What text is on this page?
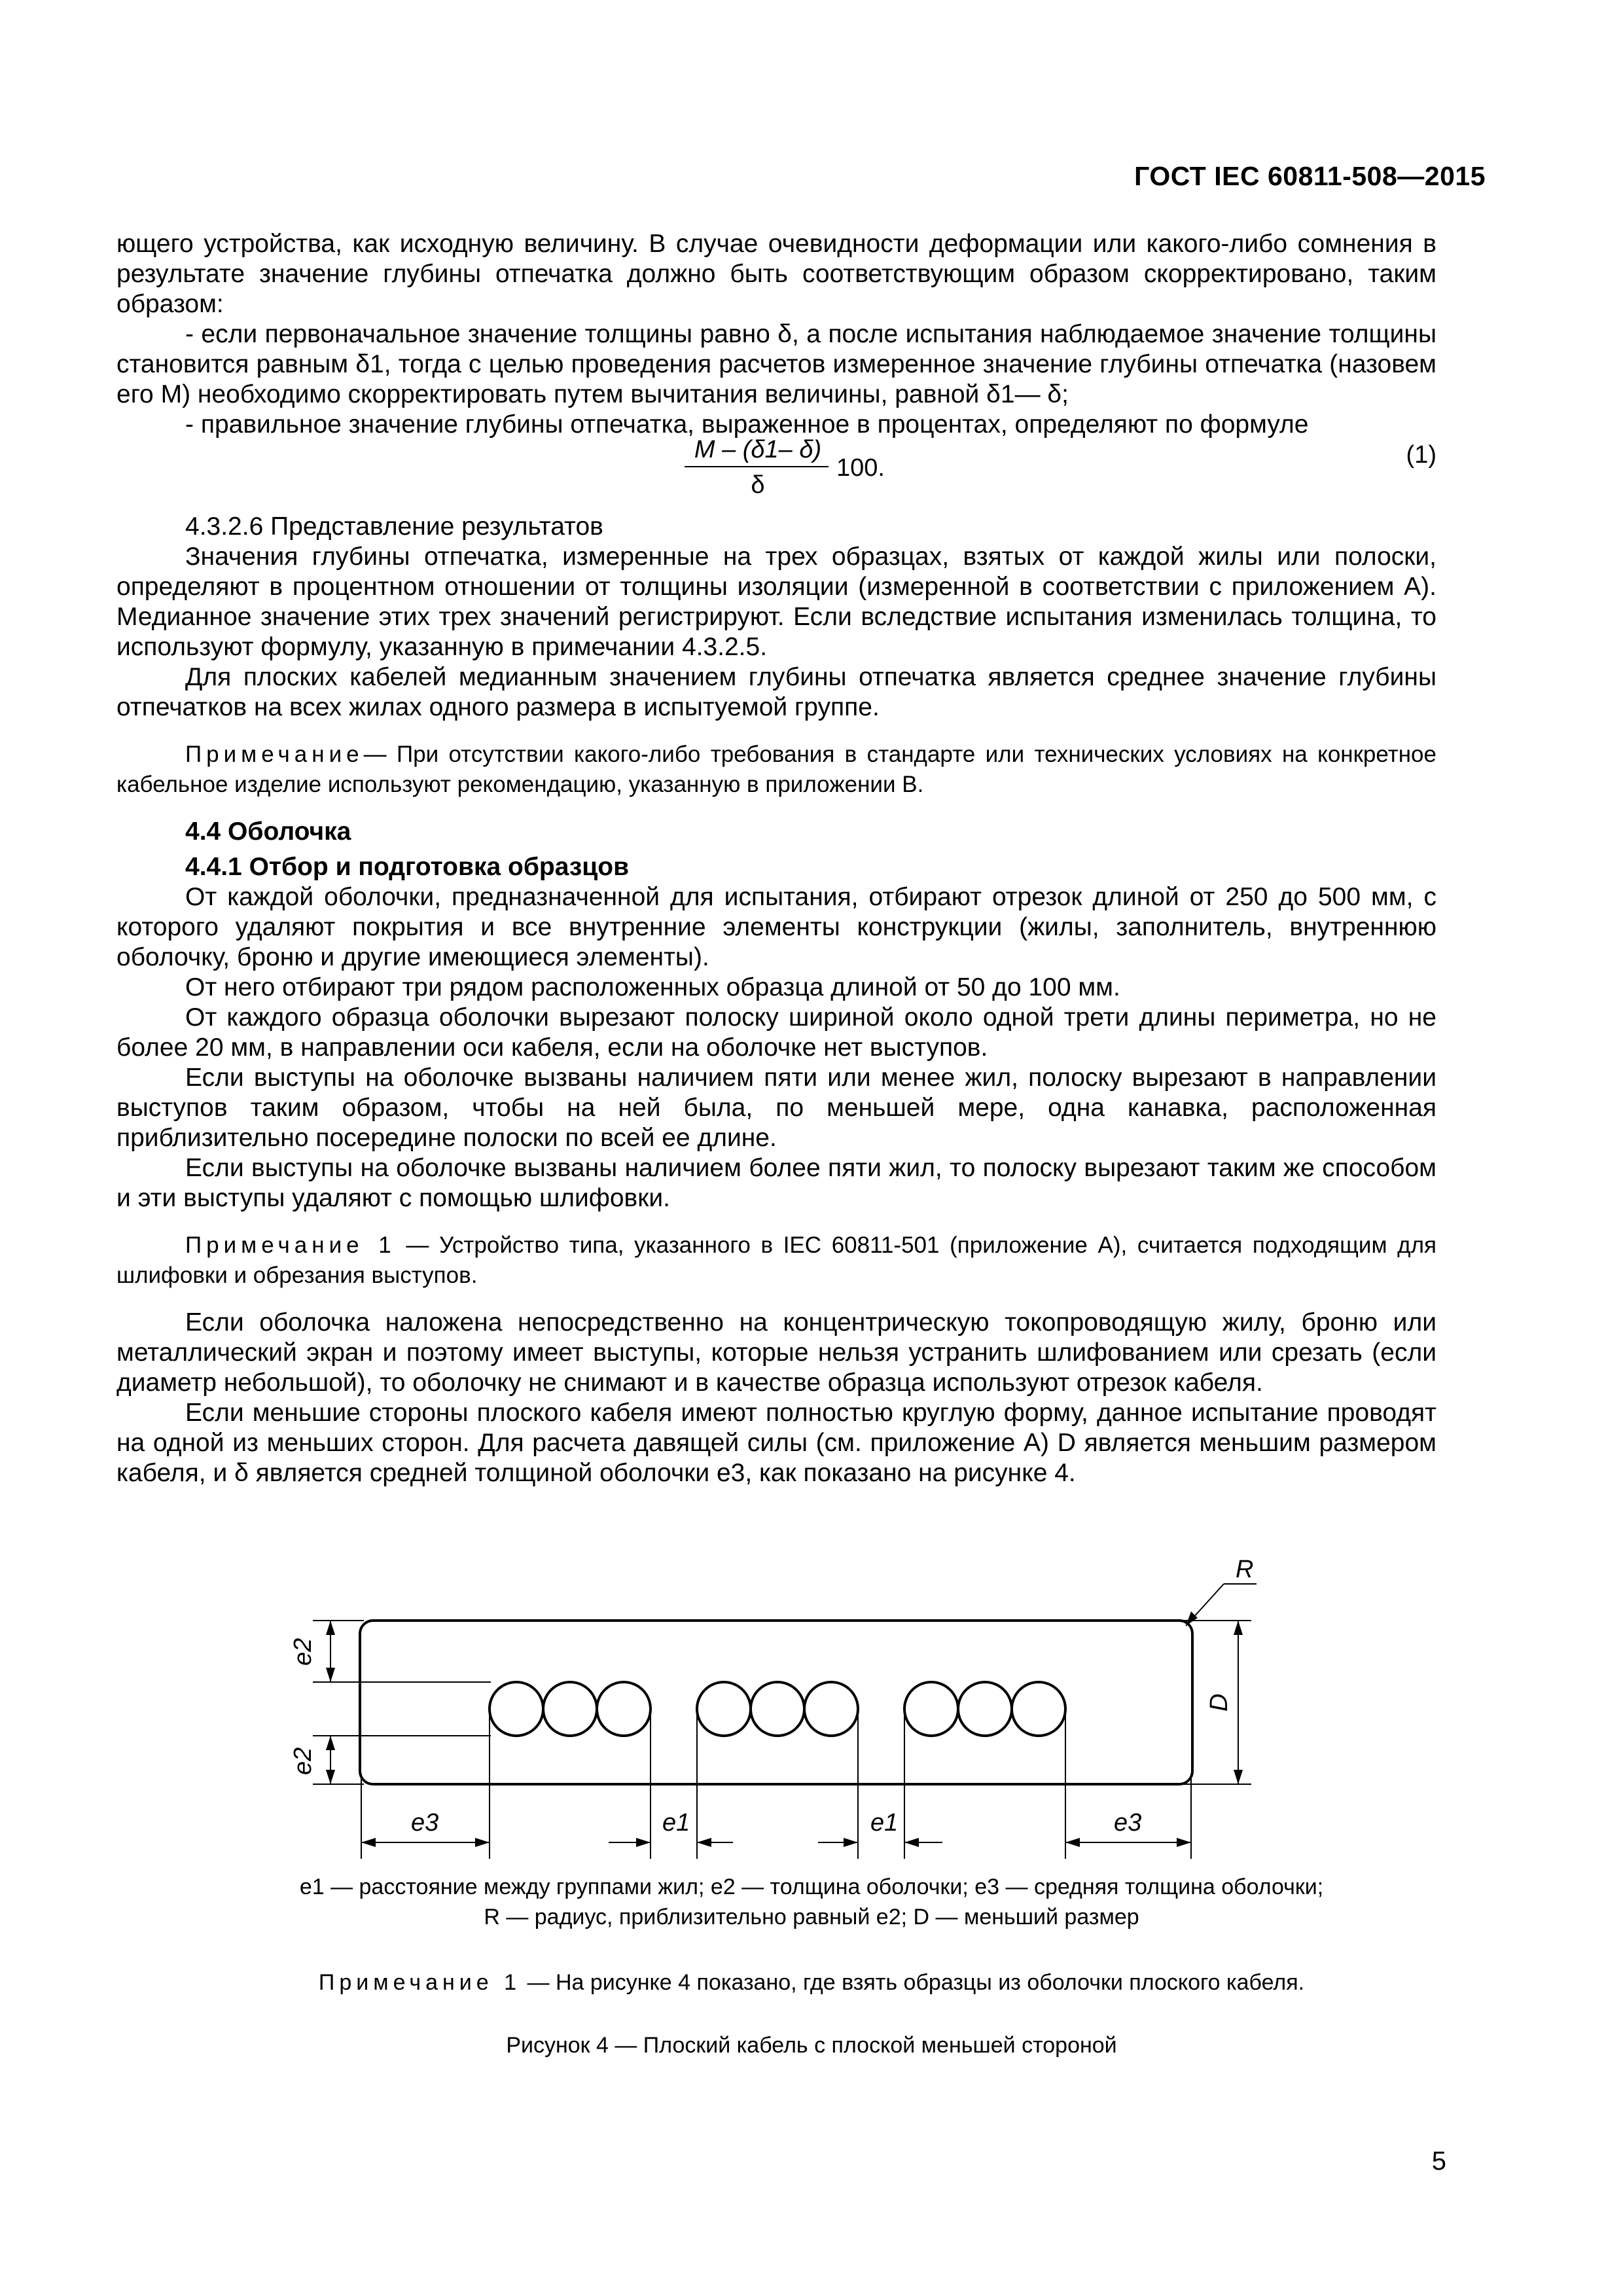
ГОСТ IEC 60811-508—2015

ющего устройства, как исходную величину. В случае очевидности деформации или какого-либо сомнения в результате значение глубины отпечатка должно быть соответствующим образом скорректировано, таким образом:

- если первоначальное значение толщины равно δ, а после испытания наблюдаемое значение толщины становится равным δ1, тогда с целью проведения расчетов измеренное значение глубины отпечатка (назовем его M) необходимо скорректировать путем вычитания величины, равной δ1— δ;

- правильное значение глубины отпечатка, выраженное в процентах, определяют по формуле

M – (δ1– δ)
δ
100.	(1)

4.3.2.6 Представление результатов

Значения глубины отпечатка, измеренные на трех образцах, взятых от каждой жилы или полоски, определяют в процентном отношении от толщины изоляции (измеренной в соответствии с приложением А). Медианное значение этих трех значений регистрируют. Если вследствие испытания изменилась толщина, то используют формулу, указанную в примечании 4.3.2.5.

Для плоских кабелей медианным значением глубины отпечатка является среднее значение глубины отпечатков на всех жилах одного размера в испытуемой группе.

Примечание— При отсутствии какого-либо требования в стандарте или технических условиях на конкретное кабельное изделие используют рекомендацию, указанную в приложении В.

4.4 Оболочка

4.4.1 Отбор и подготовка образцов

От каждой оболочки, предназначенной для испытания, отбирают отрезок длиной от 250 до 500 мм, с которого удаляют покрытия и все внутренние элементы конструкции (жилы, заполнитель, внутреннюю оболочку, броню и другие имеющиеся элементы).

От него отбирают три рядом расположенных образца длиной от 50 до 100 мм.

От каждого образца оболочки вырезают полоску шириной около одной трети длины периметра, но не более 20 мм, в направлении оси кабеля, если на оболочке нет выступов.

Если выступы на оболочке вызваны наличием пяти или менее жил, полоску вырезают в направлении выступов таким образом, чтобы на ней была, по меньшей мере, одна канавка, расположенная приблизительно посередине полоски по всей ее длине.

Если выступы на оболочке вызваны наличием более пяти жил, то полоску вырезают таким же способом и эти выступы удаляют с помощью шлифовки.

Примечание 1 — Устройство типа, указанного в IEC 60811-501 (приложение А), считается подходящим для шлифовки и обрезания выступов.

Если оболочка наложена непосредственно на концентрическую токопроводящую жилу, броню или металлический экран и поэтому имеет выступы, которые нельзя устранить шлифованием или срезать (если диаметр небольшой), то оболочку не снимают и в качестве образца используют отрезок кабеля.

Если меньшие стороны плоского кабеля имеют полностью круглую форму, данное испытание проводят на одной из меньших сторон. Для расчета давящей силы (см. приложение А) D является меньшим размером кабеля, и δ является средней толщиной оболочки e3, как показано на рисунке 4.

R
D
e2
e2
e3	e1	e1	e3
e1 — расстояние между группами жил; e2 — толщина оболочки; e3 — средняя толщина оболочки;
R — радиус, приблизительно равный e2; D — меньший размер
Примечание 1 — На рисунке 4 показано, где взять образцы из оболочки плоского кабеля.
Рисунок 4 — Плоский кабель с плоской меньшей стороной
5
